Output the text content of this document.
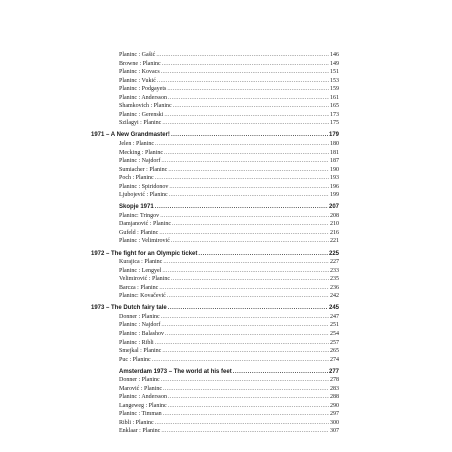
Planinc : Gašić . . .	146
Browne : Planinc . . .	149
Planinc : Kovacs . . .	151
Planinc : Vukić . . .	153
Planinc : Podgayets . . .	159
Planinc : Andersson . . .	161
Shamkovich : Planinc . . .	165
Planinc : Gerenski . . .	173
Szilagyi : Planinc . . .	175
1971 – A New Grandmaster! . . .	179
Jelen : Planinc . . .	180
Mecking : Planinc . . .	181
Planinc : Najdorf . . .	187
Sumiacher : Planinc . . .	190
Poch : Planinc . . .	193
Planinc : Spiridonov . . .	196
Ljubojević : Planinc . . .	199
Skopje 1971 . . .	207
Planinc: Tringov . . .	208
Damjanović : Planinc . . .	210
Gufeld : Planinc . . .	216
Planinc : Velimirović . . .	221
1972 – The fight for an Olympic ticket . . .	225
Kurajica : Planinc . . .	227
Planinc : Lengyel . . .	233
Velimirović : Planinc . . .	235
Barcza : Planinc . . .	236
Planinc: Kovačević . . .	242
1973 – The Dutch fairy tale . . .	245
Donner : Planinc . . .	247
Planinc : Najdorf . . .	251
Planinc : Balashov . . .	254
Planinc : Ribli . . .	257
Smejkal : Planinc . . .	265
Puc : Planinc . . .	274
Amsterdam 1973 – The world at his feet . . .	277
Donner : Planinc . . .	278
Marović : Planinc . . .	283
Planinc : Andersson . . .	288
Langeweg : Planinc . . .	290
Planinc : Timman . . .	297
Ribli : Planinc . . .	300
Enklaar : Planinc . . .	307
